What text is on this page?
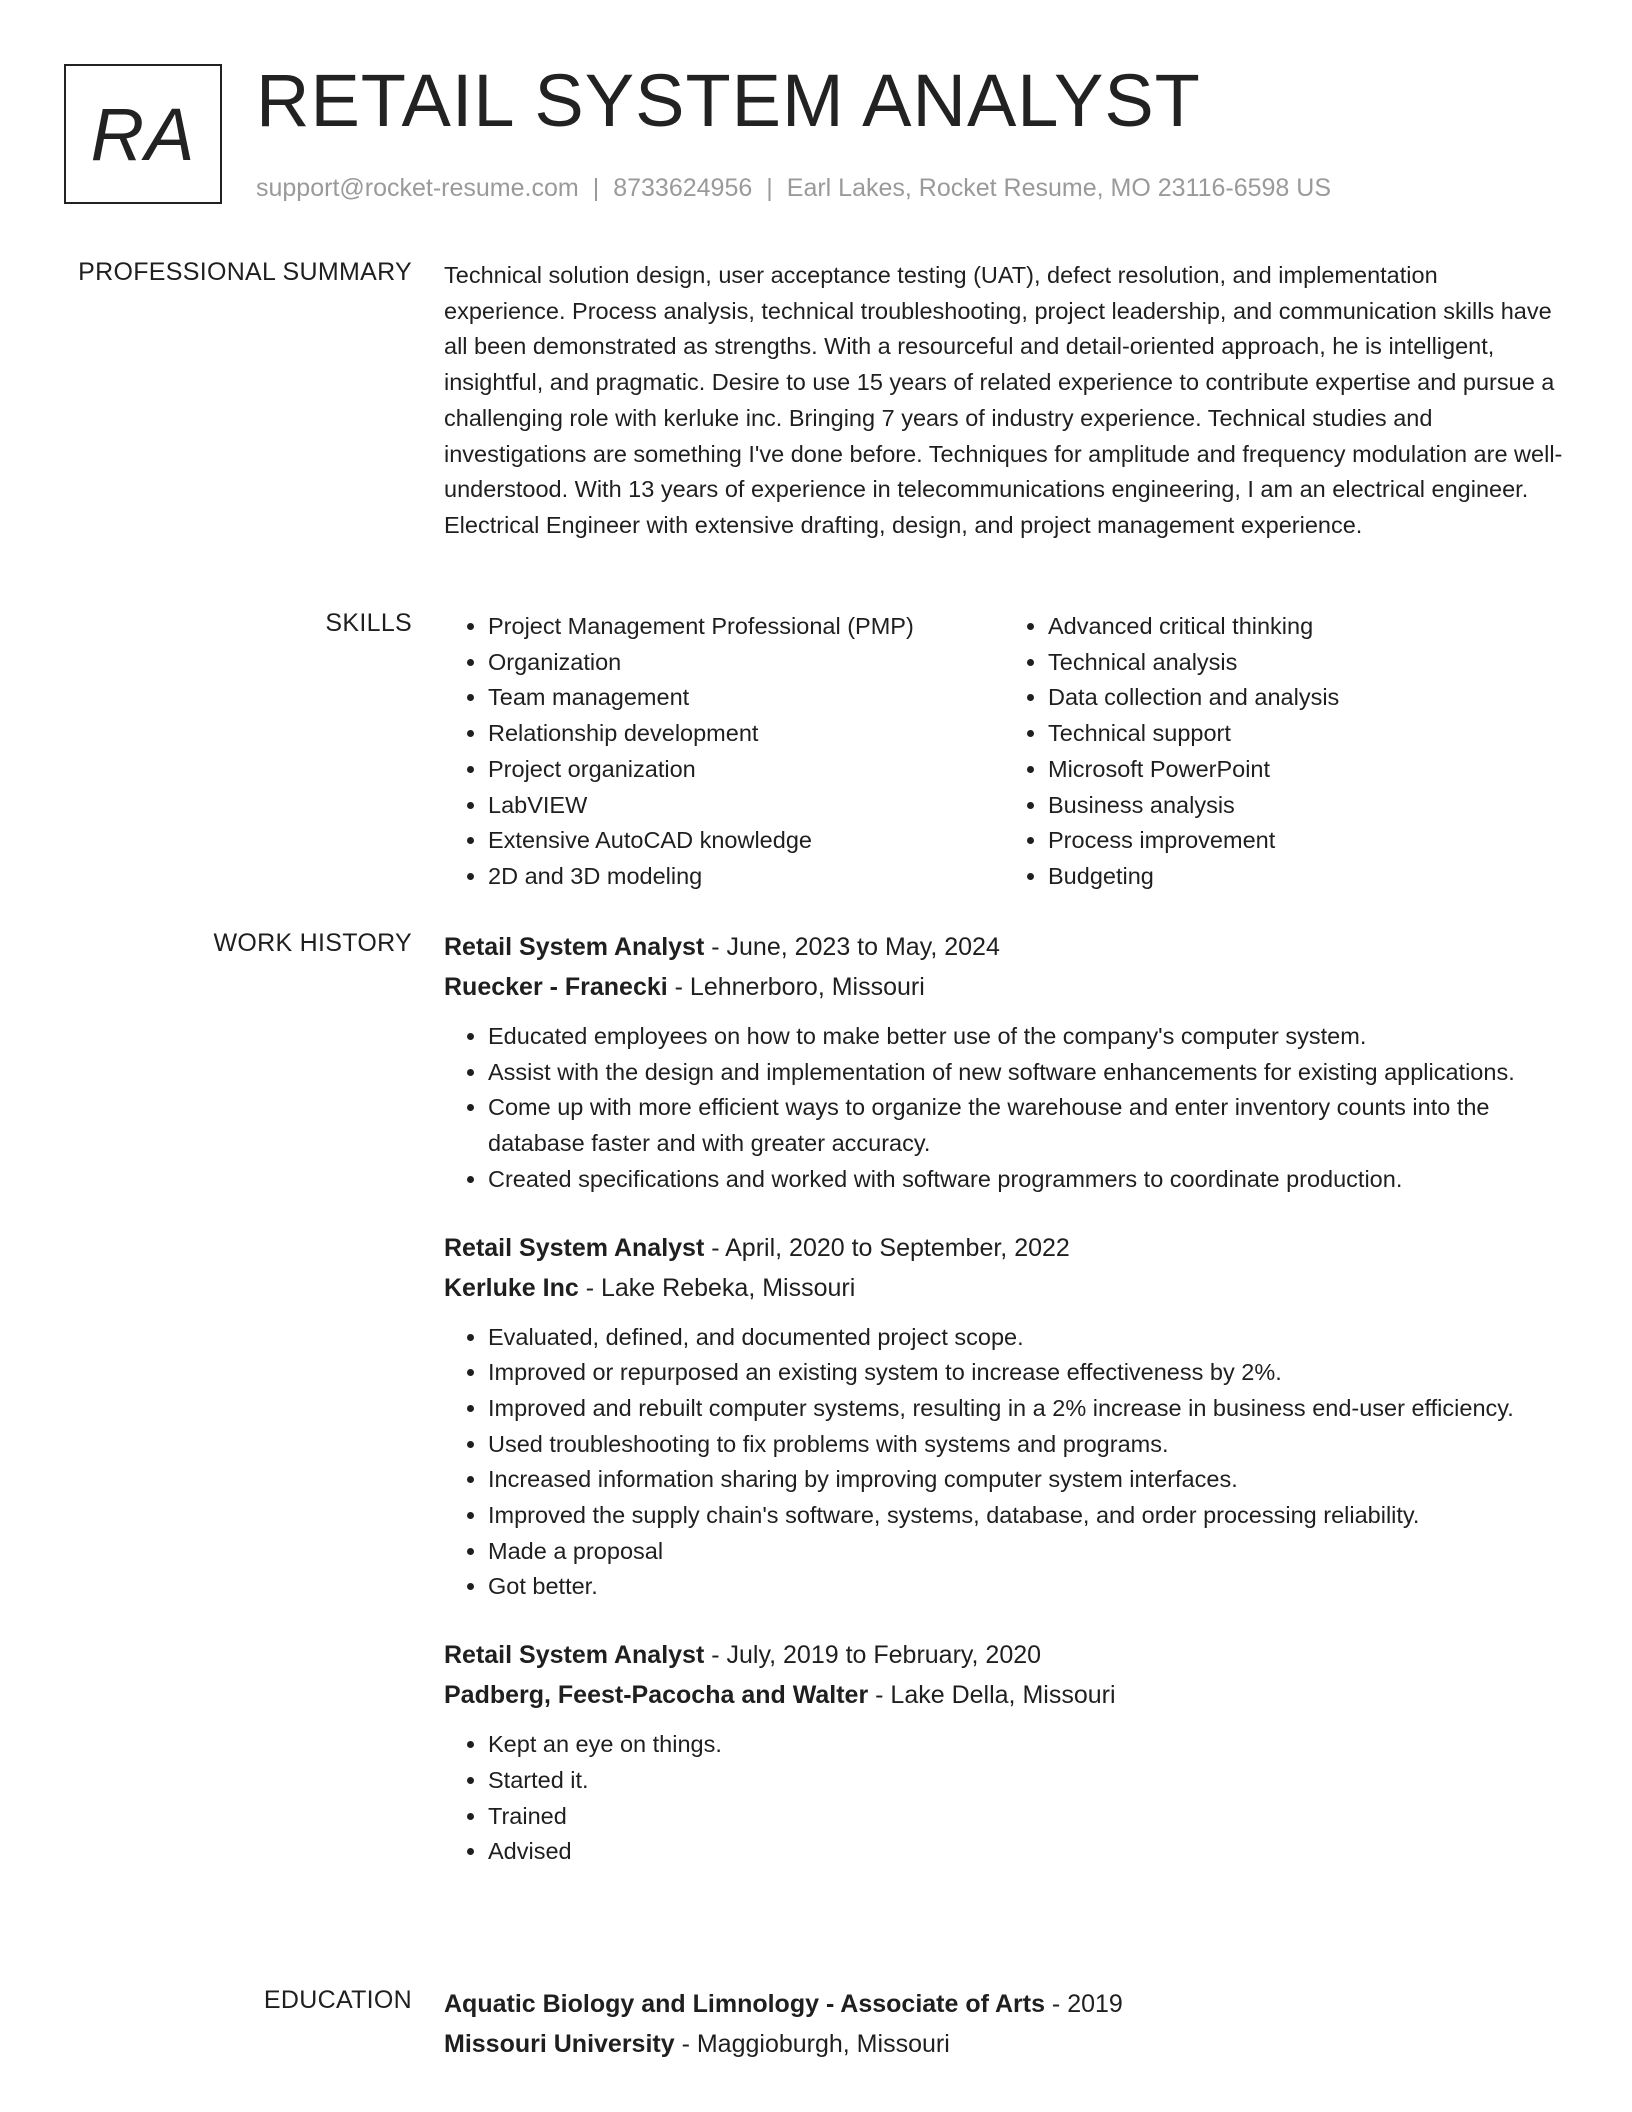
RA RETAIL SYSTEM ANALYST
support@rocket-resume.com | 8733624956 | Earl Lakes, Rocket Resume, MO 23116-6598 US
PROFESSIONAL SUMMARY Technical solution design, user acceptance testing (UAT), defect resolution, and implementation experience. Process analysis, technical troubleshooting, project leadership, and communication skills have all been demonstrated as strengths. With a resourceful and detail-oriented approach, he is intelligent, insightful, and pragmatic. Desire to use 15 years of related experience to contribute expertise and pursue a challenging role with kerluke inc. Bringing 7 years of industry experience. Technical studies and investigations are something I've done before. Techniques for amplitude and frequency modulation are well-understood. With 13 years of experience in telecommunications engineering, I am an electrical engineer. Electrical Engineer with extensive drafting, design, and project management experience.

SKILLS
•	Project Management Professional (PMP)
• Organization
• Team management
• Relationship development
• Project organization
• LabVIEW
• Extensive AutoCAD knowledge
• 2D and 3D modeling
• Advanced critical thinking
• Technical analysis
• Data collection and analysis
• Technical support
• Microsoft PowerPoint
• Business analysis
• Process improvement
• Budgeting
WORK HISTORY Retail System Analyst - June, 2023 to May, 2024
Ruecker - Franecki - Lehnerboro, Missouri
• Educated employees on how to make better use of the company's computer system.
• Assist with the design and implementation of new software enhancements for existing applications.
• Come up with more efficient ways to organize the warehouse and enter inventory counts into the database faster and with greater accuracy.
• Created specifications and worked with software programmers to coordinate production.
Retail System Analyst - April, 2020 to September, 2022
Kerluke Inc - Lake Rebeka, Missouri
• Evaluated, defined, and documented project scope.
• Improved or repurposed an existing system to increase effectiveness by 2%.
• Improved and rebuilt computer systems, resulting in a 2% increase in business end-user efficiency.
• Used troubleshooting to fix problems with systems and programs.
• Increased information sharing by improving computer system interfaces.
• Improved the supply chain's software, systems, database, and order processing reliability.
• Made a proposal
• Got better.
Retail System Analyst - July, 2019 to February, 2020
Padberg, Feest-Pacocha and Walter - Lake Della, Missouri
• Kept an eye on things.
• Started it.
• Trained
• Advised
EDUCATION Aquatic Biology and Limnology - Associate of Arts - 2019
Missouri University - Maggioburgh, Missouri
